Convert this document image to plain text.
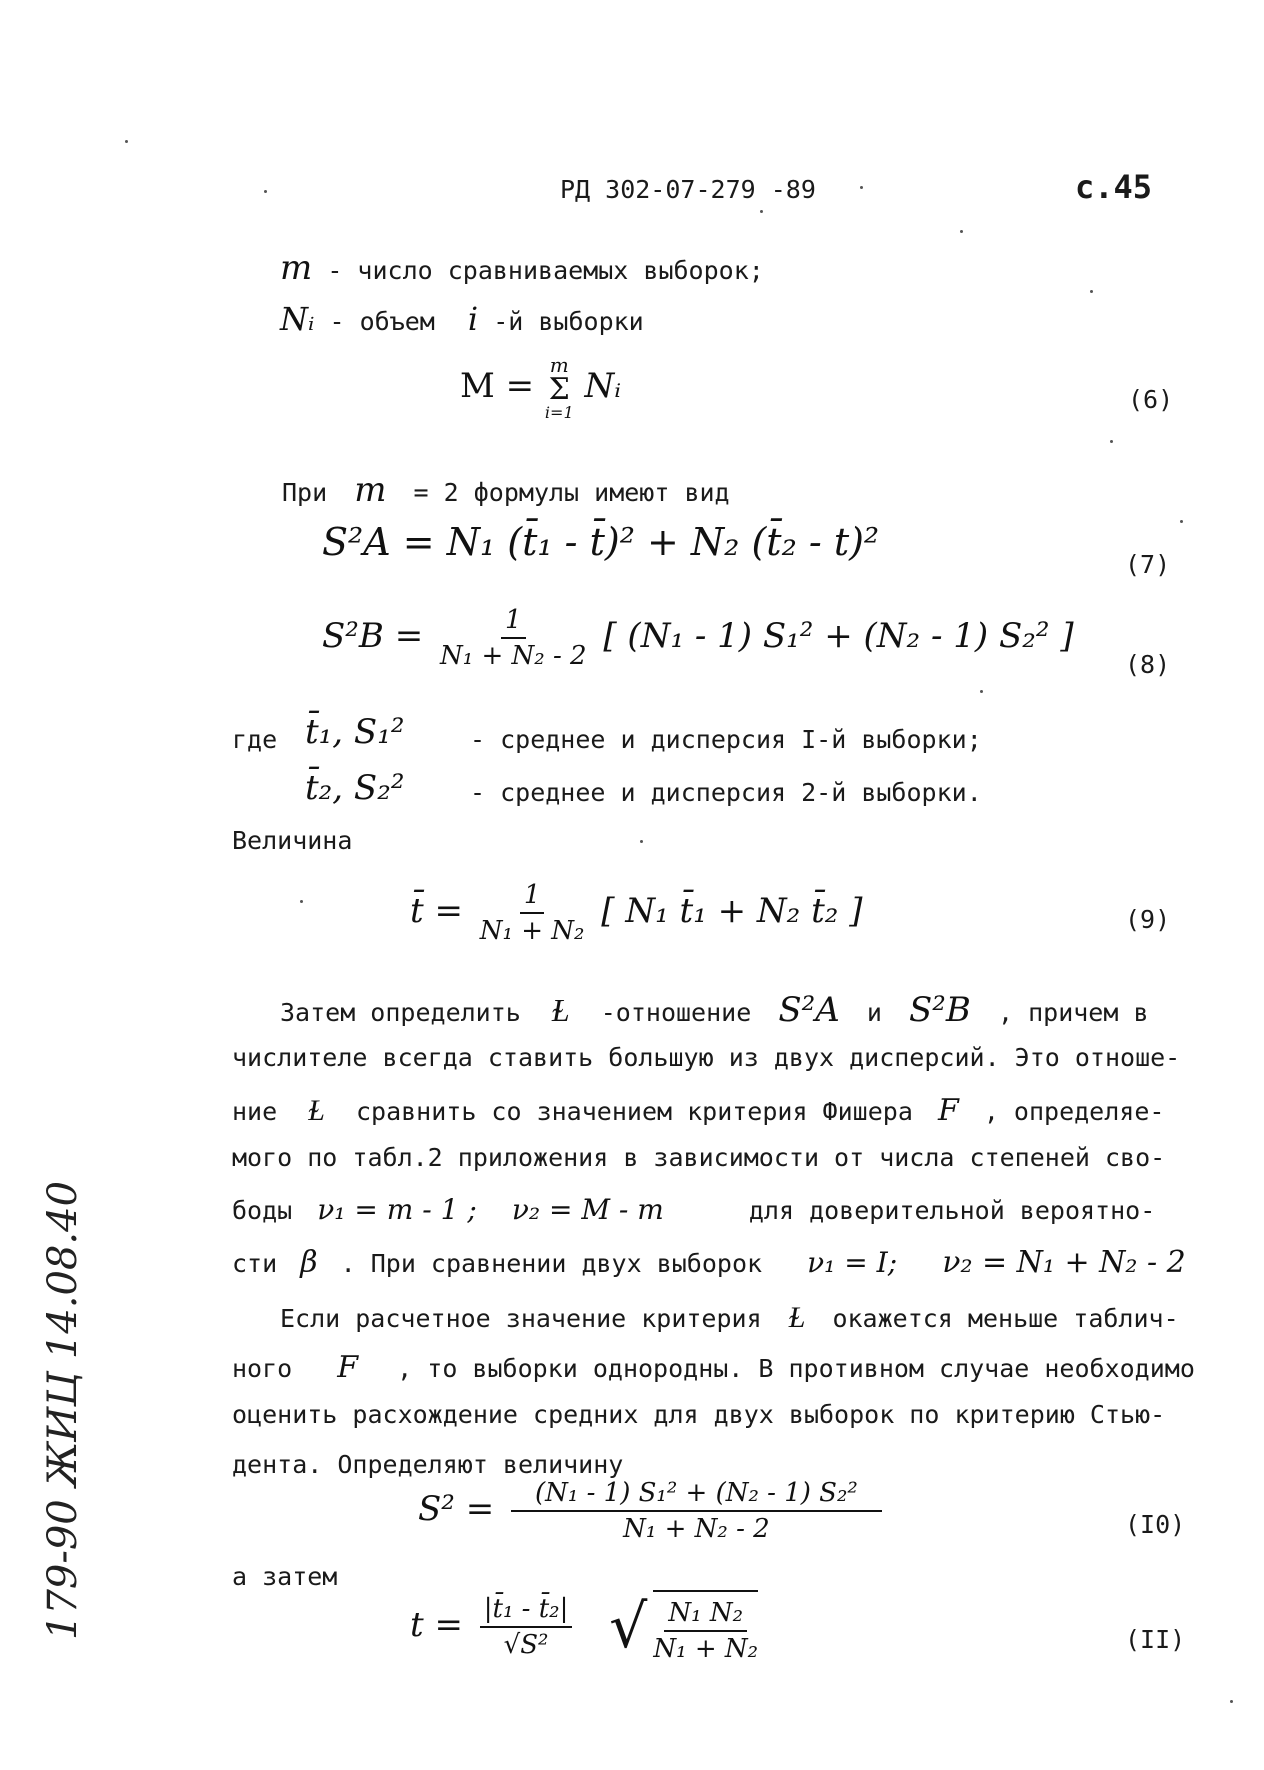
РД 302-07-279 -89	с.45
m - число сравниваемых выборок;
Nᵢ - объем i -й выборки
M =
m
Σ
i=1
Nᵢ	(6)
При m = 2 формулы имеют вид
S²A = N₁ (t̄₁ - t̄)² + N₂ (t̄₂ - t)²
(7)
$S^2B = \frac{1}{\text{N₁ + N₂ - 2}}$ [ (N₁ - 1) S₁² + (N₂ - 1) S₂² ]
(8)
где t̄₁, S₁²	- среднее и дисперсия I-й выборки;
t̄₂, S₂²	- среднее и дисперсия 2-й выборки.
Величина
t̄ = $\frac{1}{\text{N₁ + N₂}}$ [ N₁ t̄₁ + N₂ t̄₂ ]	(9)
Затем определить Ɫ -отношение S²A и S²B , причем в
числителе всегда ставить большую из двух дисперсий. Это отноше-
ние Ɫ сравнить со значением критерия Фишера F , определяе-
мого по табл.2 приложения в зависимости от числа степеней сво-
боды ν₁ = m - 1 ; ν₂ = M - m	для доверительной вероятно-
сти β . При сравнении двух выборок ν₁ = I; ν₂ = N₁ + N₂ - 2
Если расчетное значение критерия Ɫ окажется меньше таблич-
ного F , то выборки однородны. В противном случае необходимо
оценить расхождение средних для двух выборок по критерию Стью-
дента. Определяют величину
$S^2 = \frac{\text{(N₁ - 1) S₁² + (N₂ - 1) S₂²}}{\text{N₁ + N₂ - 2}}$	(I0)
а затем
$t = \frac{\text{|t̄₁ - t̄₂|}}{\text{√S²}}$
√ $\frac{\text{N₁ N₂}}{\text{N₁ + N₂}}$	(II)
179-90 ЖИЦ 14.08.40
